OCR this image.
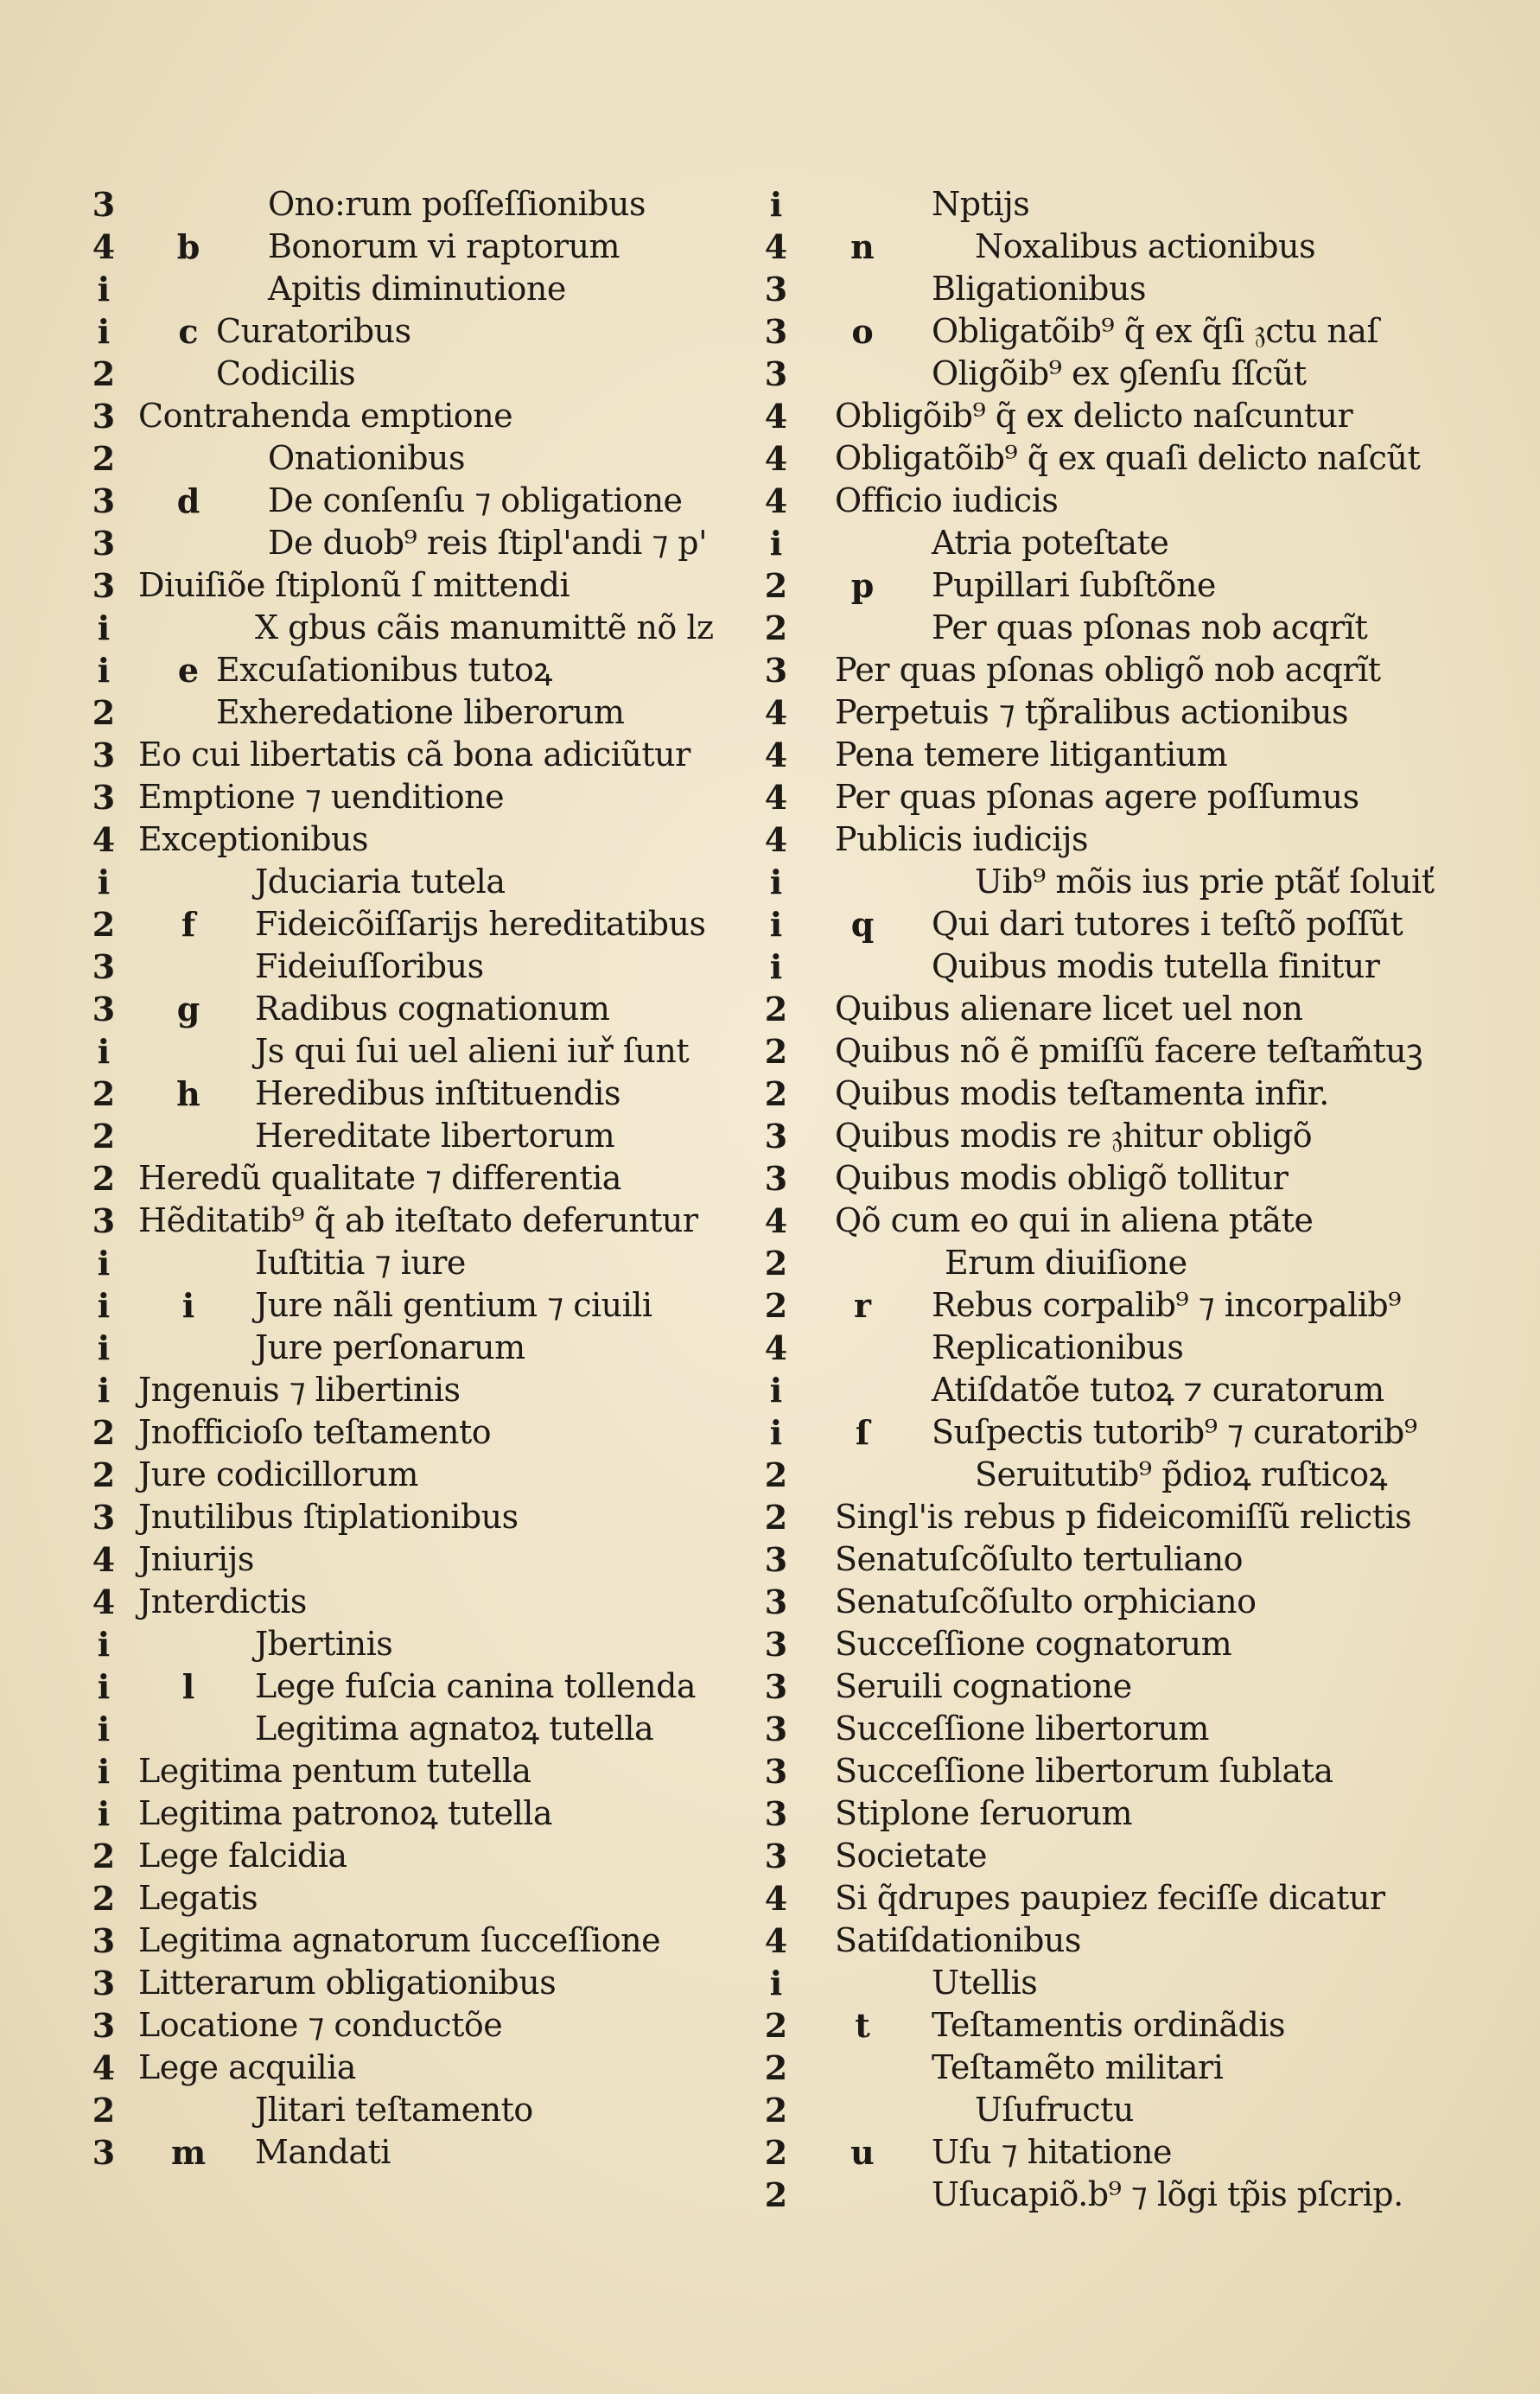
3	Ono:rum poſſeſſionibus
4 b Bonorum vi raptorum
i	Apitis diminutione
i	c Curatoribus
2	Codicilis
3 Contrahenda emptione
2	Onationibus
3 d De conſenſu ⁊ obligatione
3	De duob⁹ reis ſtipl'andi ⁊ p'
3 Diuiſiõe ſtiplonũ ſ mittendi
i	X gbus cãis manumittẽ nõ lz
i	e Excuſationibus tutoꝝ
2	Exheredatione liberorum
3 Eo cui libertatis cã bona adiciũtur
3 Emptione ⁊ uenditione
4 Exceptionibus
i	Jduciaria tutela
2	f	Fideicõiſſarijs hereditatibus
3	Fideiuſſoribus
3 g Radibus cognationum
i	Js qui ſui uel alieni iuř ſunt
2 h Heredibus inſtituendis
2	Hereditate libertorum
2 Heredũ qualitate ⁊ differentia
3 Hẽditatib⁹ q̃ ab iteſtato deferuntur
i	Iuſtitia ⁊ iure
i	i	Jure nãli gentium ⁊ ciuili
i	Jure perſonarum
i Jngenuis ⁊ libertinis
2 Jnofficioſo teſtamento
2 Jure codicillorum
3 Jnutilibus ſtiplationibus
4 Jniurijs
4 Jnterdictis
i	Jbertinis
i	l	Lege fuſcia canina tollenda
i	Legitima agnatoꝝ tutella
i Legitima pentum tutella
i Legitima patronoꝝ tutella
2 Lege falcidia
2 Legatis
3 Legitima agnatorum ſucceſſione
3 Litterarum obligationibus
3 Locatione ⁊ conductõe
4 Lege acquilia
2	Jlitari teſtamento
3 m Mandati
i	Nptijs
4 n	Noxalibus actionibus
3	Bligationibus
3 o Obligatõib⁹ q̃ ex q̃ſi 𝔷ctu naſ
3	Oligõib⁹ ex ꝯſenſu ſſcũt
4 Obligõib⁹ q̃ ex delicto naſcuntur
4 Obligatõib⁹ q̃ ex quaſi delicto naſcũt
4 Officio iudicis
i	Atria poteſtate
2 p Pupillari ſubſtõne
2	Per quas pſonas nob acqrĩt
3 Per quas pſonas obligõ nob acqrĩt
4 Perpetuis ⁊ tp̃ralibus actionibus
4 Pena temere litigantium
4 Per quas pſonas agere poſſumus
4 Publicis iudicijs
i	Uib⁹ mõis ius prie ptãť ſoluiť
i	q Qui dari tutores i teſtõ poſſũt
i	Quibus modis tutella finitur
2 Quibus alienare licet uel non
2 Quibus nõ ẽ pmiſſũ facere teſtam̃tuꝫ
2 Quibus modis teſtamenta infir.
3 Quibus modis re 𝔷hitur obligõ
3 Quibus modis obligõ tollitur
4 Qõ cum eo qui in aliena ptãte
2	Erum diuiſione
2 r Rebus corpalib⁹ ⁊ incorpalib⁹
4	Replicationibus
i	Atiſdatõe tutoꝝ ⁊ curatorum
i	ſ	Suſpectis tutorib⁹ ⁊ curatorib⁹
2	Seruitutib⁹ p̃dioꝝ ruſticoꝝ
2 Singl'is rebus p fideicomiſſũ relictis
3 Senatuſcõſulto tertuliano
3 Senatuſcõſulto orphiciano
3 Succeſſione cognatorum
3 Seruili cognatione
3 Succeſſione libertorum
3 Succeſſione libertorum ſublata
3 Stiplone ſeruorum
3 Societate
4 Si q̃drupes paupiez feciſſe dicatur
4 Satiſdationibus
i	Utellis
2 t Teſtamentis ordinãdis
2	Teſtamẽto militari
2	Uſufructu
2 u Uſu ⁊ hitatione
2	Uſucapiõ.b⁹ ⁊ lõgi tp̃is pſcrip.
